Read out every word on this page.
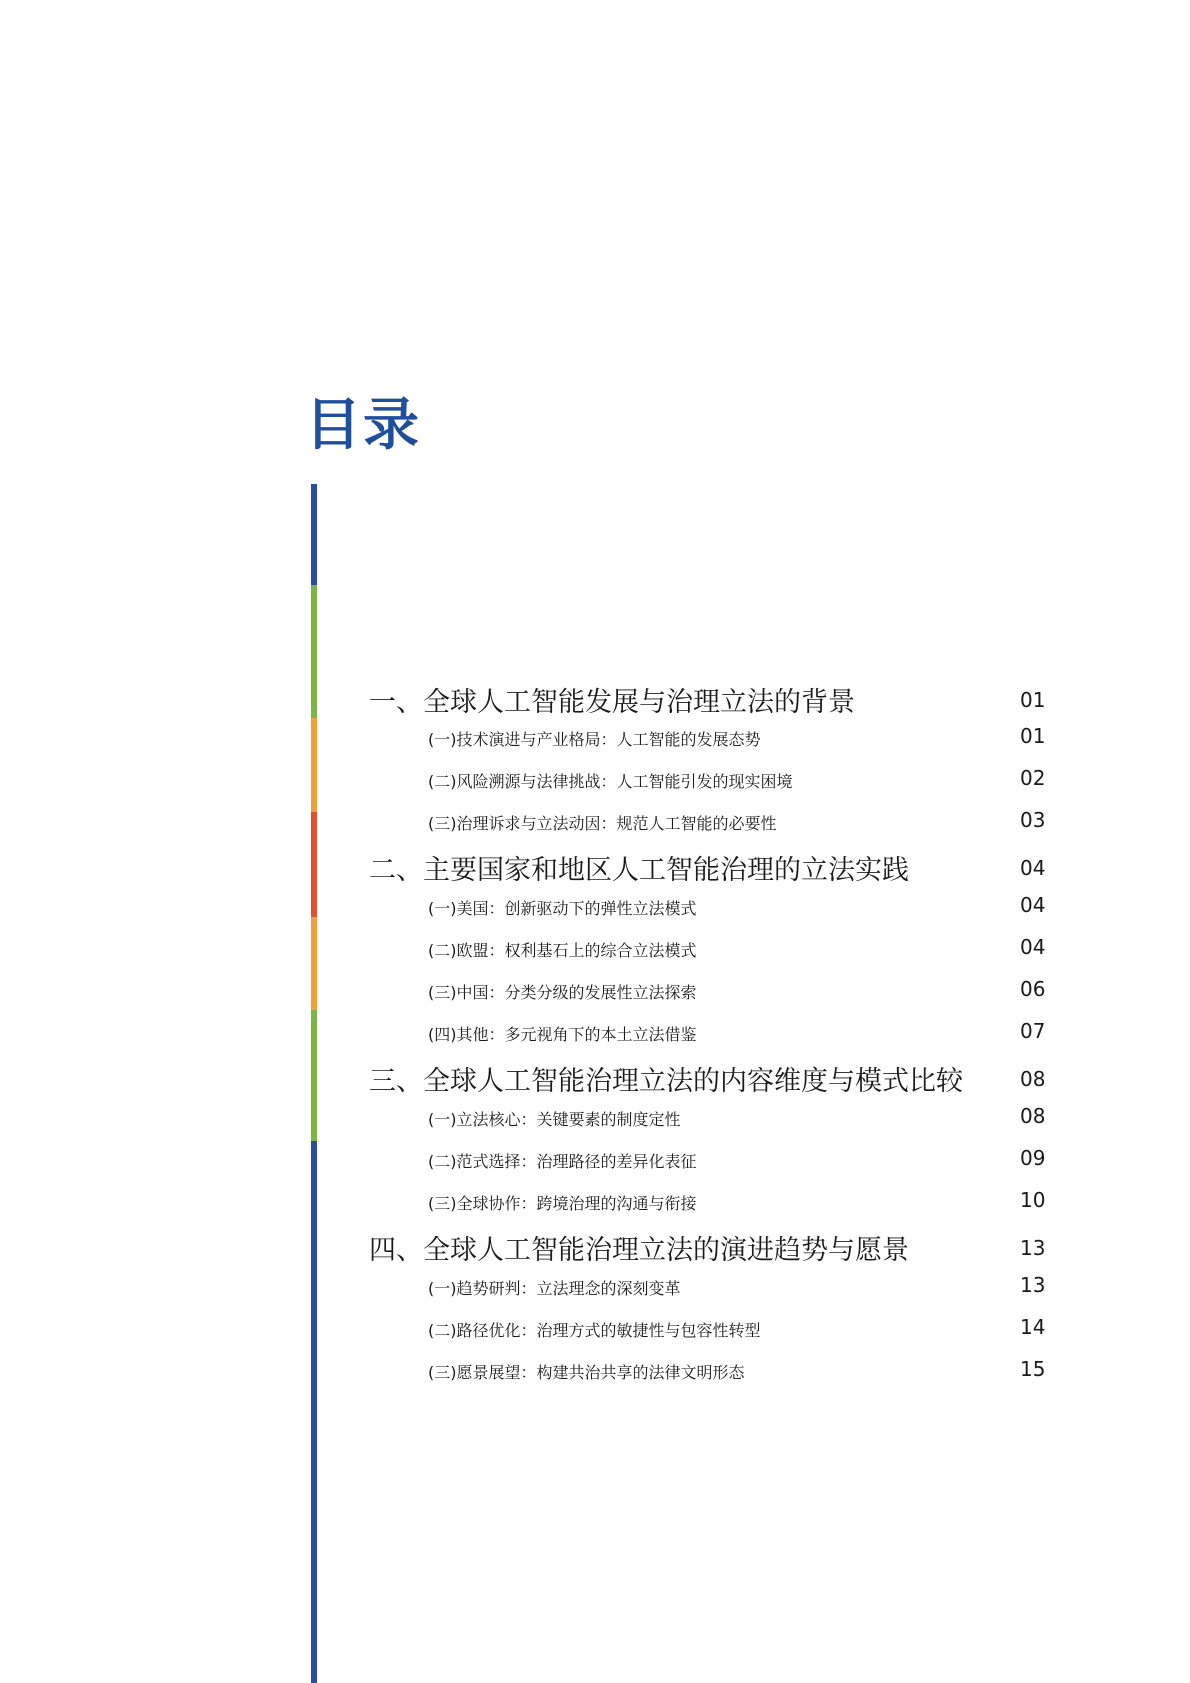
目录
一、全球人工智能发展与治理立法的背景	01
(一)技术演进与产业格局：人工智能的发展态势	01
(二)风险溯源与法律挑战：人工智能引发的现实困境	02
(三)治理诉求与立法动因：规范人工智能的必要性	03
二、主要国家和地区人工智能治理的立法实践	04
(一)美国：创新驱动下的弹性立法模式	04
(二)欧盟：权利基石上的综合立法模式	04
(三)中国：分类分级的发展性立法探索	06
(四)其他：多元视角下的本土立法借鉴	07
三、全球人工智能治理立法的内容维度与模式比较	08
(一)立法核心：关键要素的制度定性	08
(二)范式选择：治理路径的差异化表征	09
(三)全球协作：跨境治理的沟通与衔接	10
四、全球人工智能治理立法的演进趋势与愿景	13
(一)趋势研判：立法理念的深刻变革	13
(二)路径优化：治理方式的敏捷性与包容性转型	14
(三)愿景展望：构建共治共享的法律文明形态	15
